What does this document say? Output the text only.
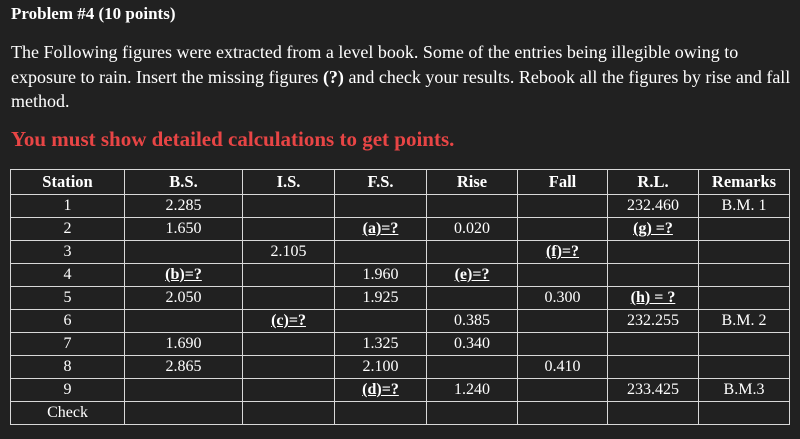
Problem #4 (10 points)
The Following figures were extracted from a level book. Some of the entries being illegible owing to exposure to rain. Insert the missing figures (?) and check your results. Rebook all the figures by rise and fall method.
You must show detailed calculations to get points.
Station	B.S.	I.S.	F.S.	Rise	Fall	R.L.	Remarks
1	2.285					232.460	B.M. 1
2	1.650		(a)=?	0.020		(g) =?	
3		2.105			(f)=?		
4	(b)=?		1.960	(e)=?			
5	2.050		1.925		0.300	(h) = ?	
6		(c)=?		0.385		232.255	B.M. 2
7	1.690		1.325	0.340			
8	2.865		2.100		0.410		
9			(d)=?	1.240		233.425	B.M.3
Check							
